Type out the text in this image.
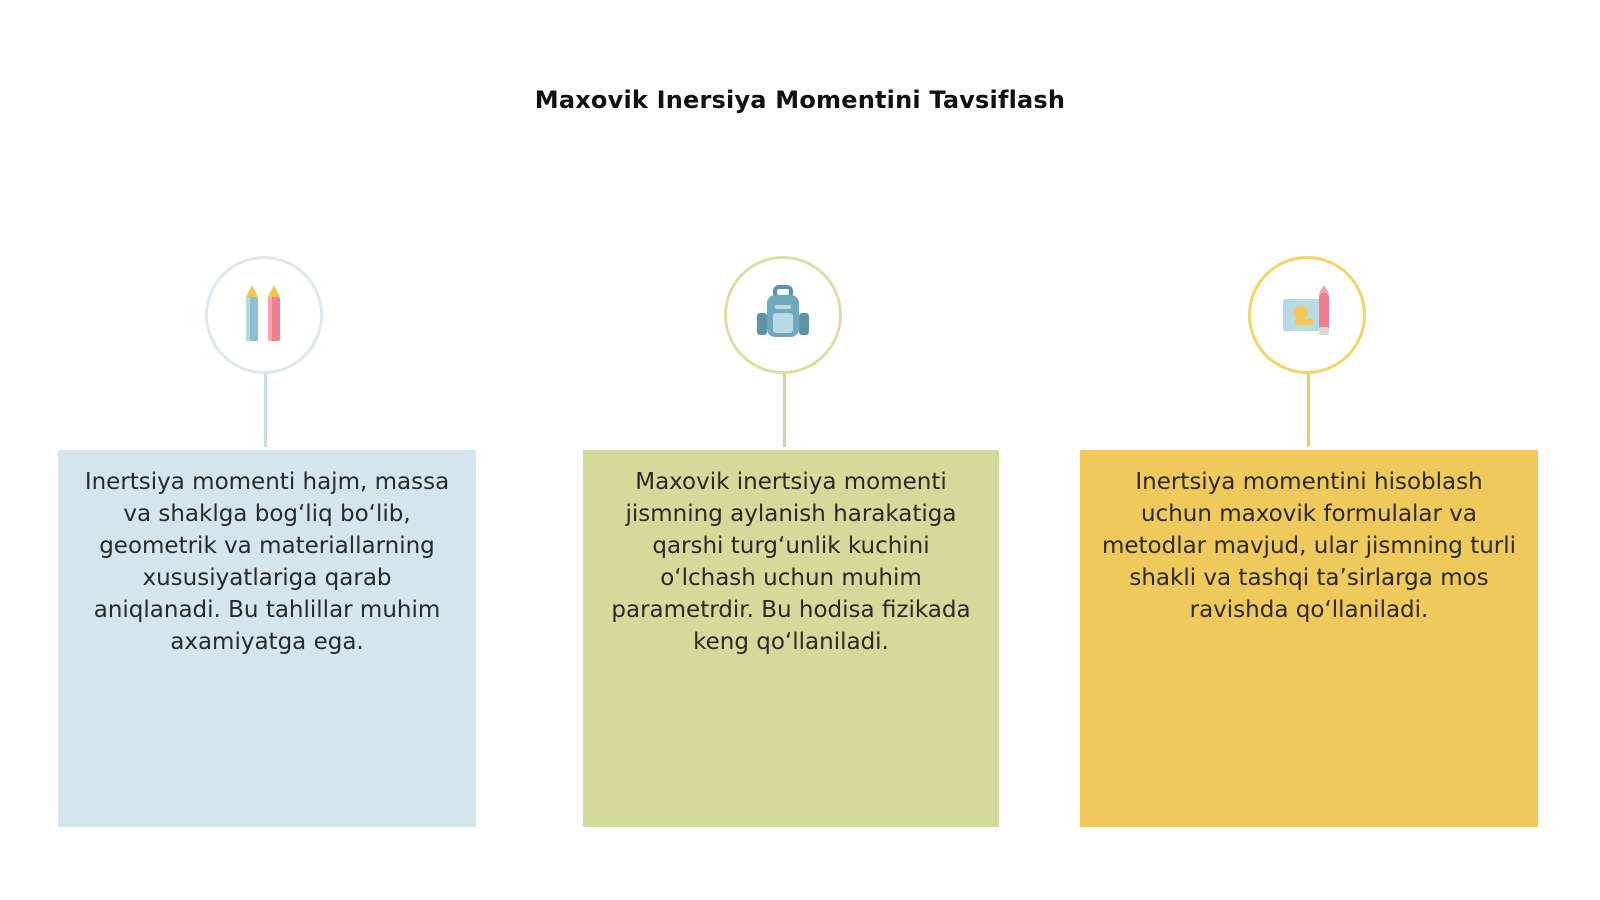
Maxovik Inersiya Momentini Tavsiflash
Inertsiya momenti hajm, massa va shaklga bog‘liq bo‘lib, geometrik va materiallarning xususiyatlariga qarab aniqlanadi. Bu tahlillar muhim axamiyatga ega.
Maxovik inertsiya momenti jismning aylanish harakatiga qarshi turg‘unlik kuchini o‘lchash uchun muhim parametrdir. Bu hodisa fizikada keng qo‘llaniladi.
Inertsiya momentini hisoblash uchun maxovik formulalar va metodlar mavjud, ular jismning turli shakli va tashqi ta’sirlarga mos ravishda qo‘llaniladi.
